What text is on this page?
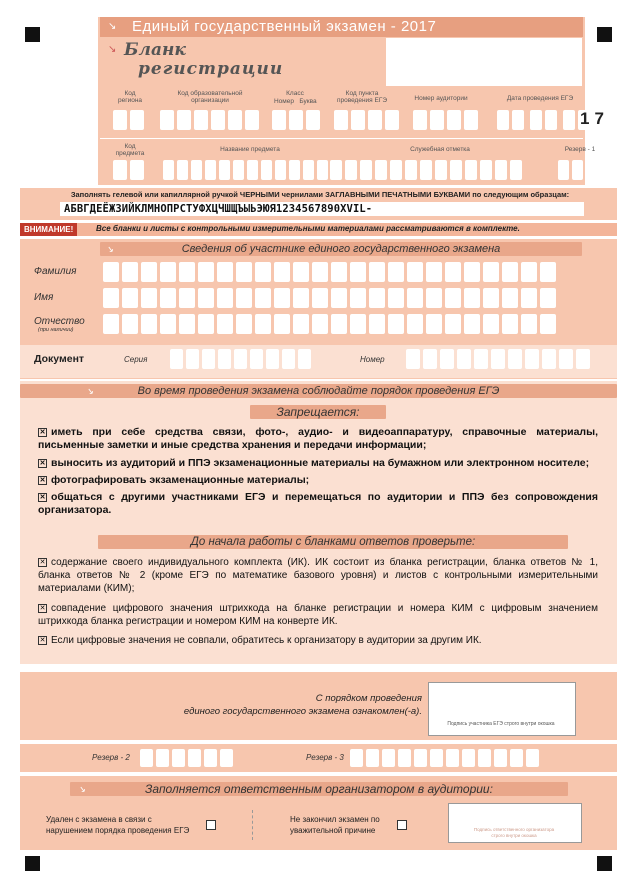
↘ Единый государственный экзамен - 2017
↘ Бланк
регистрации
Код региона
Код образовательной организации
Класс
Номер Буква
Код пункта проведения ЕГЭ	Номер аудитории	Дата проведения ЕГЭ
17
Код предмета
Название предмета	Служебная отметка	Резерв - 1
Заполнять гелевой или капиллярной ручкой ЧЕРНЫМИ чернилами ЗАГЛАВНЫМИ ПЕЧАТНЫМИ БУКВАМИ по следующим образцам:
АБВГДЕЁЖЗИЙКЛМНОПРСТУФХЦЧШЩЪЫЬЭЮЯ1234567890XVIL-
ВНИМАНИЕ!	Все бланки и листы с контрольными измерительными материалами рассматриваются в комплекте.
↘	Сведения об участнике единого государственного экзамена
Фамилия
Имя
Отчество
(при наличии)
Документ	Серия	Номер
↘	Во время проведения экзамена соблюдайте порядок проведения ЕГЭ
Запрещается:
✕ иметь при себе средства связи, фото-, аудио- и видеоаппаратуру, справочные материалы, письменные заметки и иные средства хранения и передачи информации;
✕ выносить из аудиторий и ППЭ экзаменационные материалы на бумажном или электронном носителе;
✕ фотографировать экзаменационные материалы;
✕ общаться с другими участниками ЕГЭ и перемещаться по аудитории и ППЭ без сопровождения организатора.
До начала работы с бланками ответов проверьте:
✕ содержание своего индивидуального комплекта (ИК). ИК состоит из бланка регистрации, бланка ответов № 1, бланка ответов № 2 (кроме ЕГЭ по математике базового уровня) и листов с контрольными измерительными материалами (КИМ);
✕ совпадение цифрового значения штрихкода на бланке регистрации и номера КИМ с цифровым значением штрихкода бланка регистрации и номером КИМ на конверте ИК.
✕ Если цифровые значения не совпали, обратитесь к организатору в аудитории за другим ИК.
С порядком проведения
единого государственного экзамена ознакомлен(-а).
Подпись участника ЕГЭ строго внутри окошка
Резерв - 2	Резерв - 3
↘	Заполняется ответственным организатором в аудитории:
Удален с экзамена в связи с
нарушением порядка проведения ЕГЭ
Не закончил экзамен по
уважительной причине	Подпись ответственного организатора
строго внутри окошка
